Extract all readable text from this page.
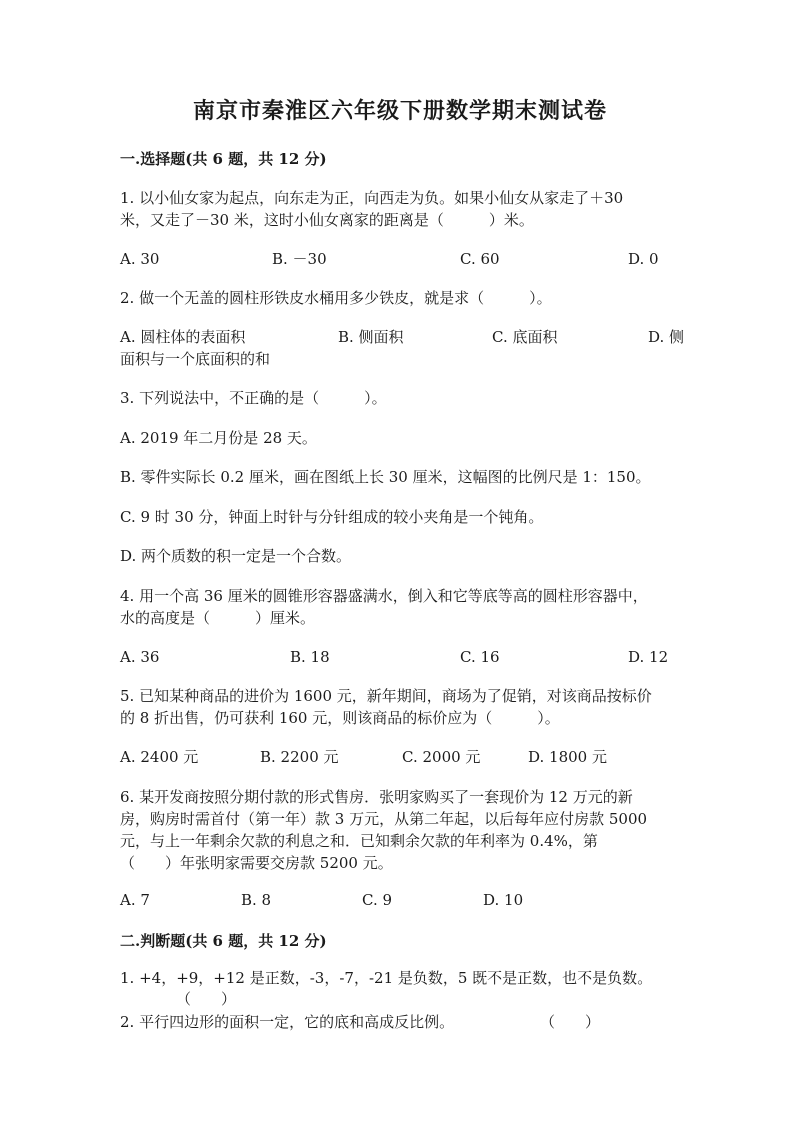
南京市秦淮区六年级下册数学期末测试卷

一.选择题(共 6 题，共 12 分)

1. 以小仙女家为起点，向东走为正，向西走为负。如果小仙女从家走了＋30

米，又走了－30 米，这时小仙女离家的距离是（　　　）米。

A. 30	B. －30	C. 60	D. 0

2. 做一个无盖的圆柱形铁皮水桶用多少铁皮，就是求（　　　）。

A. 圆柱体的表面积	B. 侧面积	C. 底面积	D. 侧

面积与一个底面积的和

3. 下列说法中，不正确的是（　　　）。

A. 2019 年二月份是 28 天。

B. 零件实际长 0.2 厘米，画在图纸上长 30 厘米，这幅图的比例尺是 1：150。

C. 9 时 30 分，钟面上时针与分针组成的较小夹角是一个钝角。

D. 两个质数的积一定是一个合数。

4. 用一个高 36 厘米的圆锥形容器盛满水，倒入和它等底等高的圆柱形容器中，

水的高度是（　　　）厘米。

A. 36	B. 18	C. 16	D. 12

5. 已知某种商品的进价为 1600 元，新年期间，商场为了促销，对该商品按标价

的 8 折出售，仍可获利 160 元，则该商品的标价应为（　　　）。

A. 2400 元	B. 2200 元	C. 2000 元	D. 1800 元

6. 某开发商按照分期付款的形式售房．张明家购买了一套现价为 12 万元的新

房，购房时需首付（第一年）款 3 万元，从第二年起，以后每年应付房款 5000

元，与上一年剩余欠款的利息之和．已知剩余欠款的年利率为 0.4%，第

（　　）年张明家需要交房款 5200 元。

A. 7	B. 8	C. 9	D. 10

二.判断题(共 6 题，共 12 分)

1. +4，+9，+12 是正数，-3，-7，-21 是负数，5 既不是正数，也不是负数。

（　　）

2. 平行四边形的面积一定，它的底和高成反比例。	（　　）
